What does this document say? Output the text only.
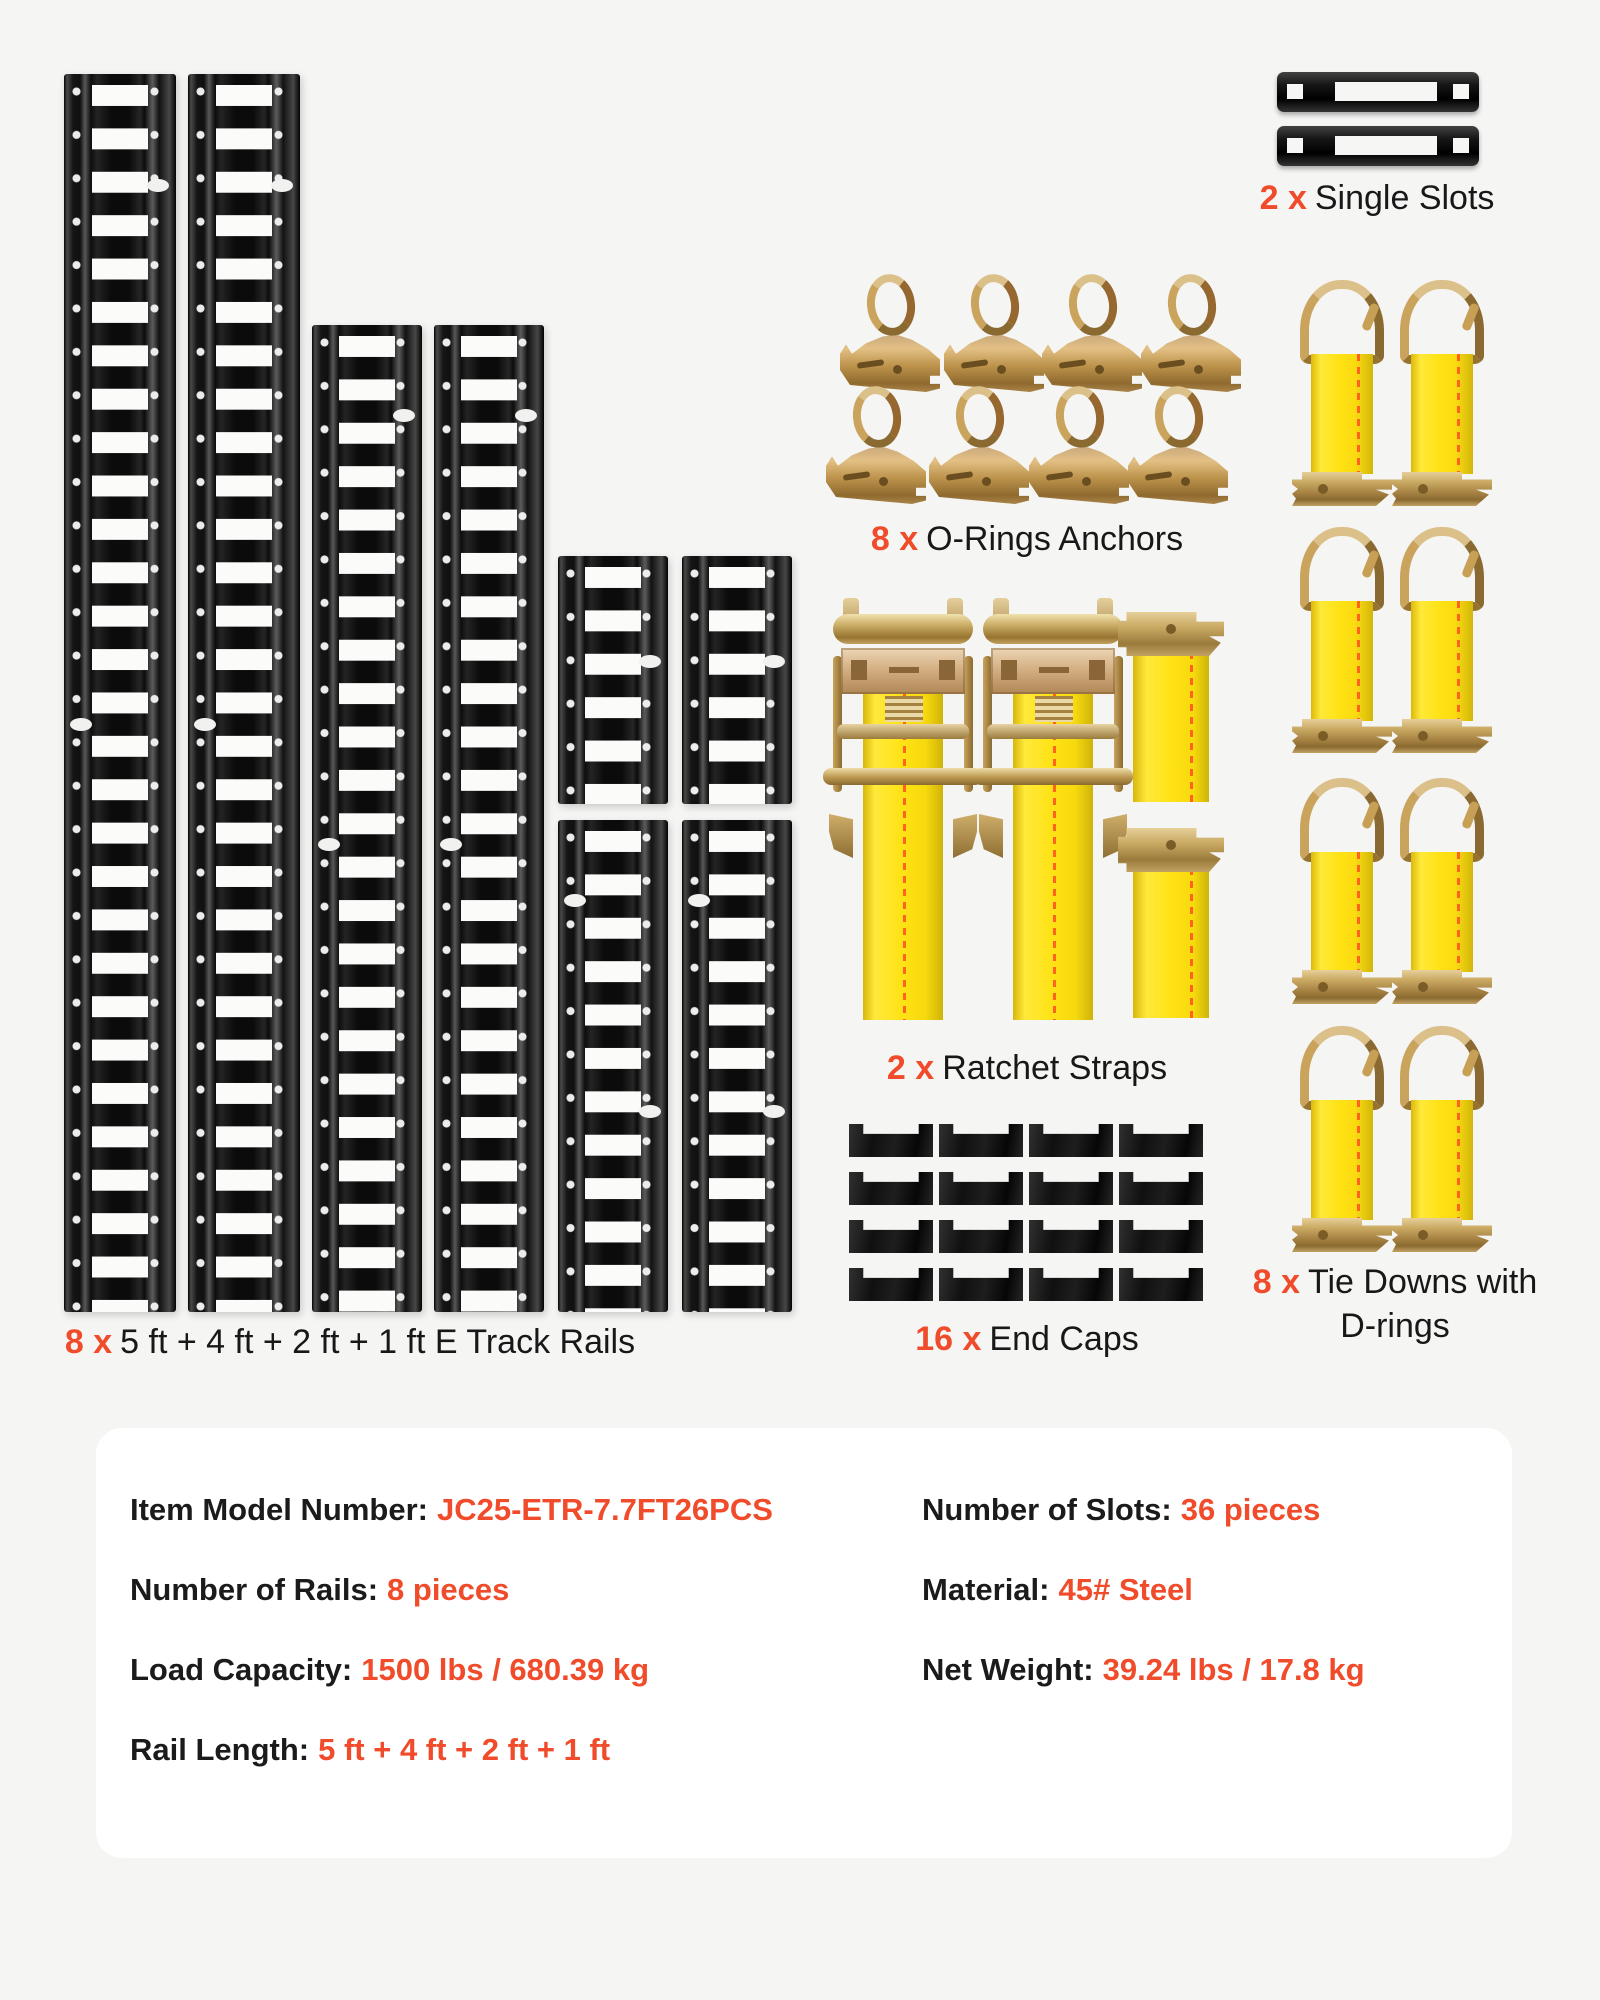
8 x 5 ft + 4 ft + 2 ft + 1 ft E Track Rails
2 x Single Slots
8 x O-Rings Anchors
2 x Ratchet Straps
16 x End Caps
8 x Tie Downs with
D-rings
Item Model Number: JC25-ETR-7.7FT26PCS
Number of Rails: 8 pieces
Load Capacity: 1500 lbs / 680.39 kg
Rail Length: 5 ft + 4 ft + 2 ft + 1 ft
Number of Slots: 36 pieces
Material: 45# Steel
Net Weight: 39.24 lbs / 17.8 kg
